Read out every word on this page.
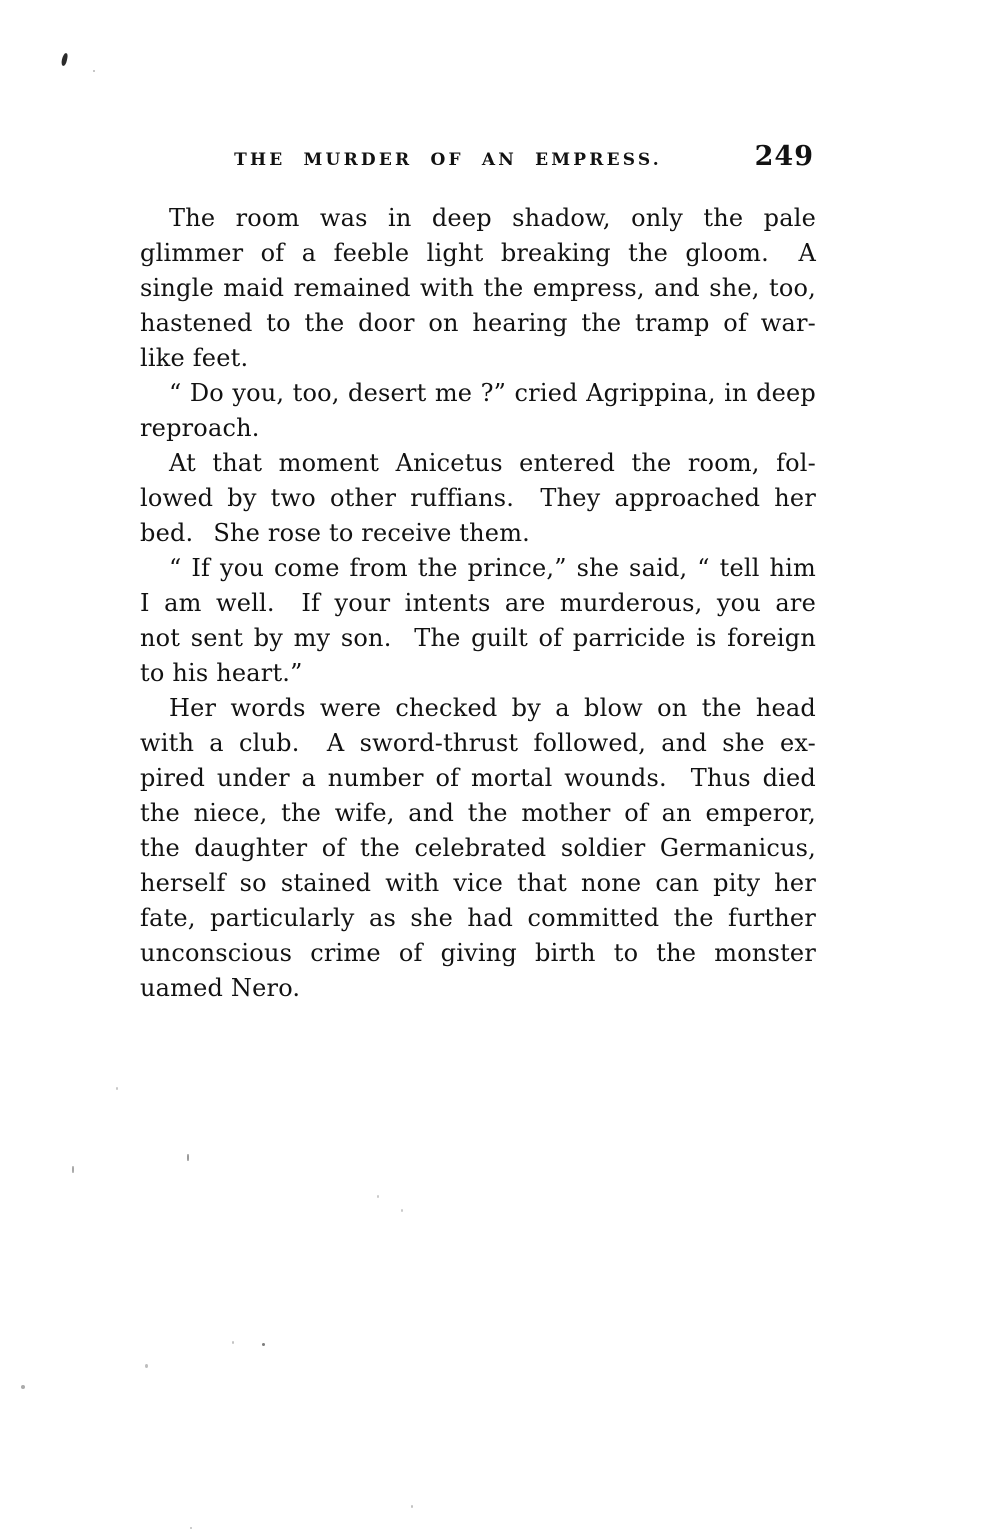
THE MURDER OF AN EMPRESS.	249

The room was in deep shadow, only the pale
glimmer of a feeble light breaking the gloom.  A
single maid remained with the empress, and she, too,
hastened to the door on hearing the tramp of war-
like feet.

“ Do you, too, desert me ?” cried Agrippina, in deep
reproach.

At that moment Anicetus entered the room, fol-
lowed by two other ruffians.  They approached her
bed.  She rose to receive them.

“ If you come from the prince,” she said, “ tell him
I am well.  If your intents are murderous, you are
not sent by my son.  The guilt of parricide is foreign
to his heart.”

Her words were checked by a blow on the head
with a club.  A sword-thrust followed, and she ex-
pired under a number of mortal wounds.  Thus died
the niece, the wife, and the mother of an emperor,
the daughter of the celebrated soldier Germanicus,
herself so stained with vice that none can pity her
fate, particularly as she had committed the further
unconscious crime of giving birth to the monster
uamed Nero.
